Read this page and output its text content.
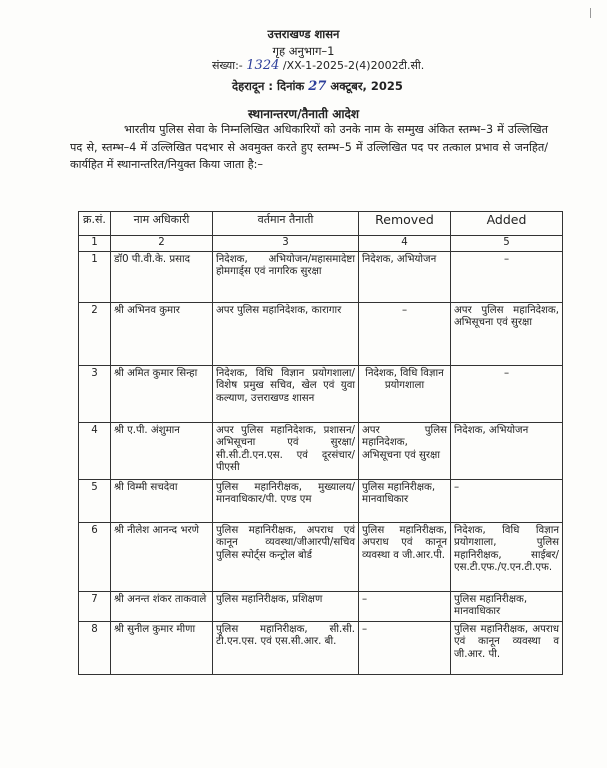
उत्तराखण्ड शासन
गृह अनुभाग–1
संख्या:- 1324 /XX-1-2025-2(4)2002टी.सी.
देहरादून : दिनांक 27 अक्टूबर, 2025
स्थानान्तरण/तैनाती आदेश
भारतीय पुलिस सेवा के निम्नलिखित अधिकारियों को उनके नाम के सम्मुख अंकित स्तम्भ–3 में उल्लिखित पद से, स्तम्भ–4 में उल्लिखित पदभार से अवमुक्त करते हुए स्तम्भ–5 में उल्लिखित पद पर तत्काल प्रभाव से जनहित/कार्यहित में स्थानान्तरित/नियुक्त किया जाता है:–
क्र.सं.	नाम अधिकारी	वर्तमान तैनाती	Removed	Added
1	2	3	4	5
1	डॉ0 पी.वी.के. प्रसाद	निदेशक, अभियोजन/महासमादेष्टा होमगार्ड्स एवं नागरिक सुरक्षा	निदेशक, अभियोजन	–
2	श्री अभिनव कुमार	अपर पुलिस महानिदेशक, कारागार	–	अपर पुलिस महानिदेशक, अभिसूचना एवं सुरक्षा
3	श्री अमित कुमार सिन्हा	निदेशक, विधि विज्ञान प्रयोगशाला/विशेष प्रमुख सचिव, खेल एवं युवा कल्याण, उत्तराखण्ड शासन	निदेशक, विधि विज्ञान प्रयोगशाला	–
4	श्री ए.पी. अंशुमान	अपर पुलिस महानिदेशक, प्रशासन/अभिसूचना एवं सुरक्षा/सी.सी.टी.एन.एस. एवं दूरसंचार/पीएसी	अपर पुलिस महानिदेशक, अभिसूचना एवं सुरक्षा	निदेशक, अभियोजन
5	श्री विम्मी सचदेवा	पुलिस महानिरीक्षक, मुख्यालय/मानवाधिकार/पी. एण्ड एम	पुलिस महानिरीक्षक, मानवाधिकार	–
6	श्री नीलेश आनन्द भरणे	पुलिस महानिरीक्षक, अपराध एवं कानून व्यवस्था/जीआरपी/सचिव पुलिस स्पोर्ट्स कन्ट्रोल बोर्ड	पुलिस महानिरीक्षक, अपराध एवं कानून व्यवस्था व जी.आर.पी.	निदेशक, विधि विज्ञान प्रयोगशाला, पुलिस महानिरीक्षक, साईबर/एस.टी.एफ./ए.एन.टी.एफ.
7	श्री अनन्त शंकर ताकवाले	पुलिस महानिरीक्षक, प्रशिक्षण	–	पुलिस महानिरीक्षक, मानवाधिकार
8	श्री सुनील कुमार मीणा	पुलिस महानिरीक्षक, सी.सी. टी.एन.एस. एवं एस.सी.आर. बी.	–	पुलिस महानिरीक्षक, अपराध एवं कानून व्यवस्था व जी.आर. पी.
